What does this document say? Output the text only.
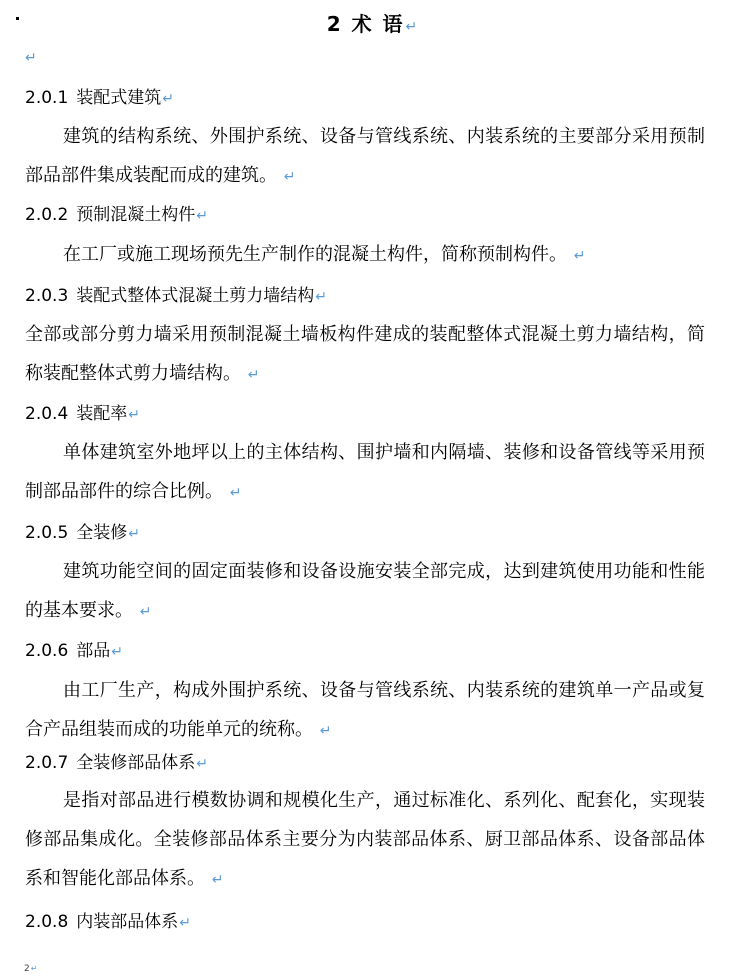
2 术 语↵
↵
2.0.1 装配式建筑↵
建筑的结构系统、外围护系统、设备与管线系统、内装系统的主要部分采用预制部品部件集成装配而成的建筑。 ↵
2.0.2 预制混凝土构件↵
在工厂或施工现场预先生产制作的混凝土构件，简称预制构件。 ↵
2.0.3 装配式整体式混凝土剪力墙结构↵
全部或部分剪力墙采用预制混凝土墙板构件建成的装配整体式混凝土剪力墙结构，简称装配整体式剪力墙结构。 ↵
2.0.4 装配率↵
单体建筑室外地坪以上的主体结构、围护墙和内隔墙、装修和设备管线等采用预制部品部件的综合比例。 ↵
2.0.5 全装修↵
建筑功能空间的固定面装修和设备设施安装全部完成，达到建筑使用功能和性能的基本要求。 ↵
2.0.6 部品↵
由工厂生产，构成外围护系统、设备与管线系统、内装系统的建筑单一产品或复合产品组装而成的功能单元的统称。 ↵
2.0.7 全装修部品体系↵
是指对部品进行模数协调和规模化生产，通过标准化、系列化、配套化，实现装修部品集成化。全装修部品体系主要分为内装部品体系、厨卫部品体系、设备部品体系和智能化部品体系。 ↵
2.0.8 内装部品体系↵
2↵
